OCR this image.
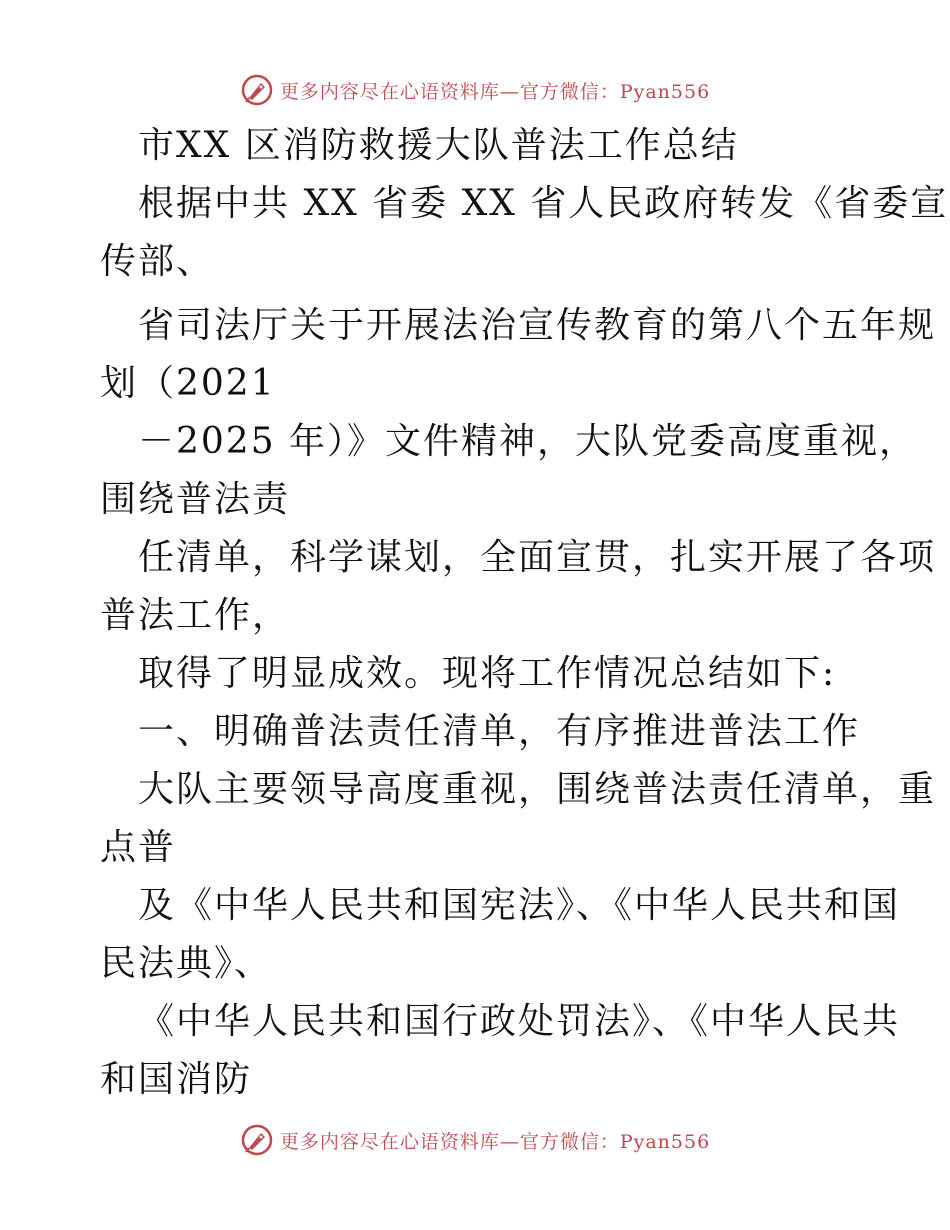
更多内容尽在心语资料库—官方微信：Pyan556
市XX 区消防救援大队普法工作总结
根据中共 XX 省委 XX 省人民政府转发《省委宣
传部、
省司法厅关于开展法治宣传教育的第八个五年规
划（2021
－2025 年）》文件精神，大队党委高度重视，
围绕普法责
任清单，科学谋划，全面宣贯，扎实开展了各项
普法工作，
取得了明显成效。现将工作情况总结如下:
一、明确普法责任清单，有序推进普法工作
大队主要领导高度重视，围绕普法责任清单，重
点普
及《中华人民共和国宪法》、《中华人民共和国
民法典》、
《中华人民共和国行政处罚法》、《中华人民共
和国消防
更多内容尽在心语资料库—官方微信：Pyan556
